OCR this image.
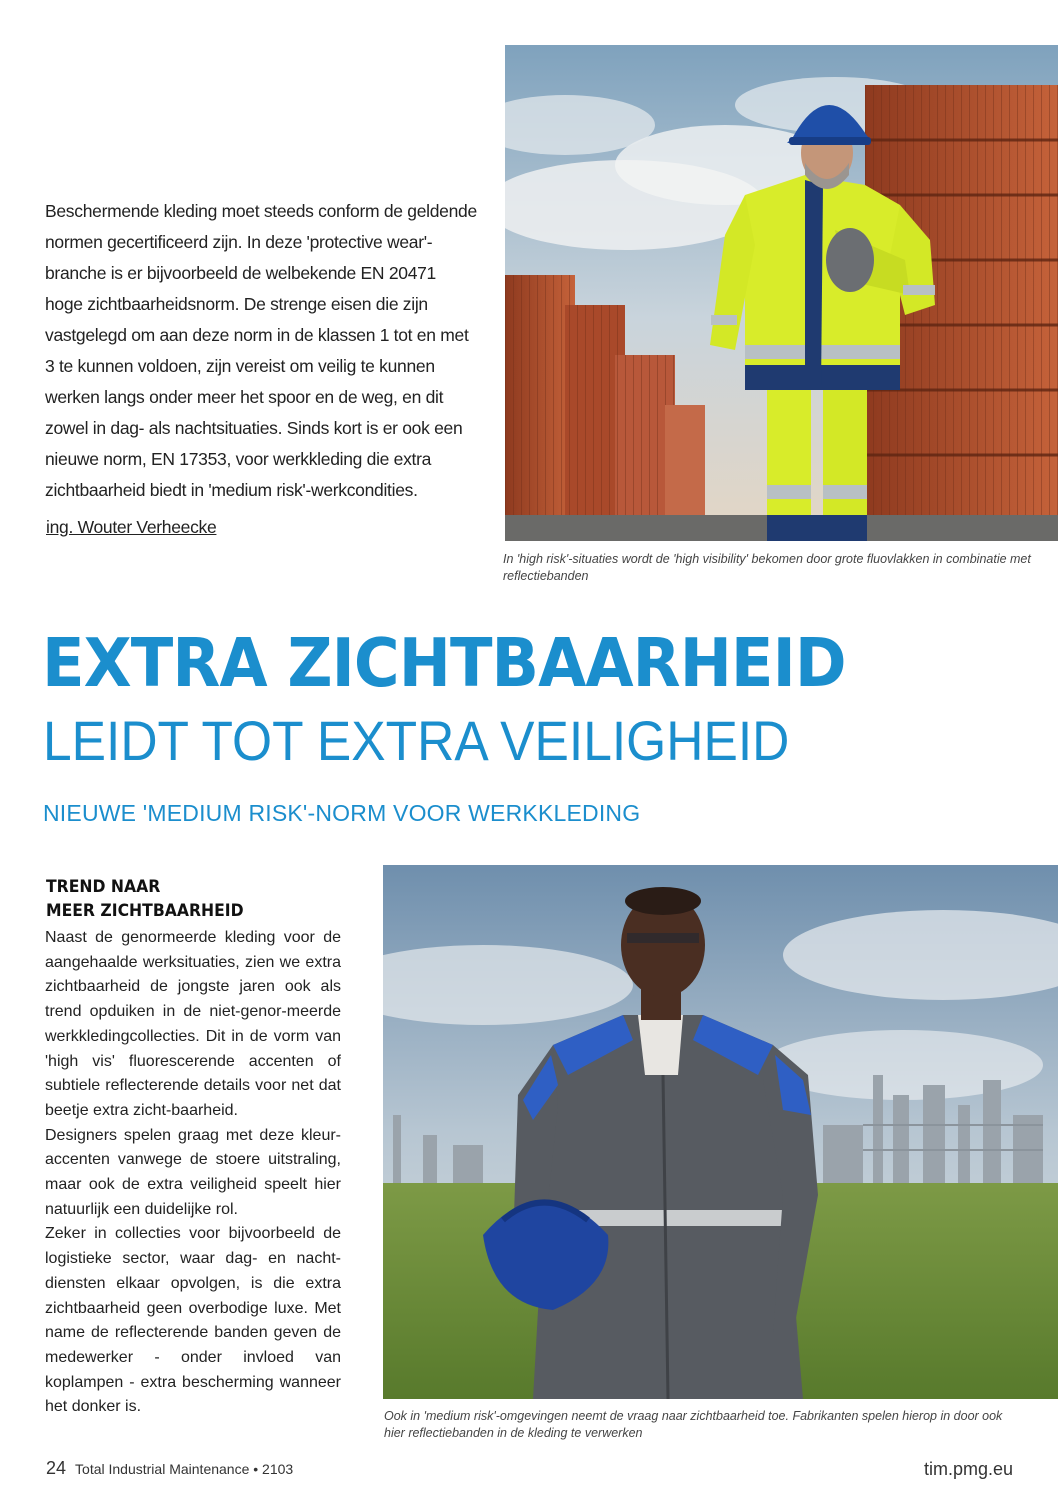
Beschermende kleding moet steeds conform de geldende normen gecertificeerd zijn. In deze 'protective wear'-branche is er bijvoorbeeld de welbekende EN 20471 hoge zichtbaarheidsnorm. De strenge eisen die zijn vastgelegd om aan deze norm in de klassen 1 tot en met 3 te kunnen voldoen, zijn vereist om veilig te kunnen werken langs onder meer het spoor en de weg, en dit zowel in dag- als nachtsituaties. Sinds kort is er ook een nieuwe norm, EN 17353, voor werkkleding die extra zichtbaarheid biedt in 'medium risk'-werkcondities.
ing. Wouter Verheecke
In 'high risk'-situaties wordt de 'high visibility' bekomen door grote fluovlakken in combinatie met reflectiebanden
EXTRA ZICHTBAARHEID
LEIDT TOT EXTRA VEILIGHEID
NIEUWE 'MEDIUM RISK'-NORM VOOR WERKKLEDING
TREND NAAR
MEER ZICHTBAARHEID

Naast de genormeerde kleding voor de aangehaalde werksituaties, zien we extra zichtbaarheid de jongste jaren ook als trend opduiken in de niet-genor-meerde werkkledingcollecties. Dit in de vorm van 'high vis' fluorescerende accenten of subtiele reflecterende details voor net dat beetje extra zicht-baarheid.

Designers spelen graag met deze kleur-accenten vanwege de stoere uitstraling, maar ook de extra veiligheid speelt hier natuurlijk een duidelijke rol.

Zeker in collecties voor bijvoorbeeld de logistieke sector, waar dag- en nacht-diensten elkaar opvolgen, is die extra zichtbaarheid geen overbodige luxe. Met name de reflecterende banden geven de medewerker - onder invloed van koplampen - extra bescherming wanneer het donker is.

Ook in 'medium risk'-omgevingen neemt de vraag naar zichtbaarheid toe. Fabrikanten spelen hierop in door ook hier reflectiebanden in de kleding te verwerken
24 Total Industrial Maintenance • 2103	tim.pmg.eu
